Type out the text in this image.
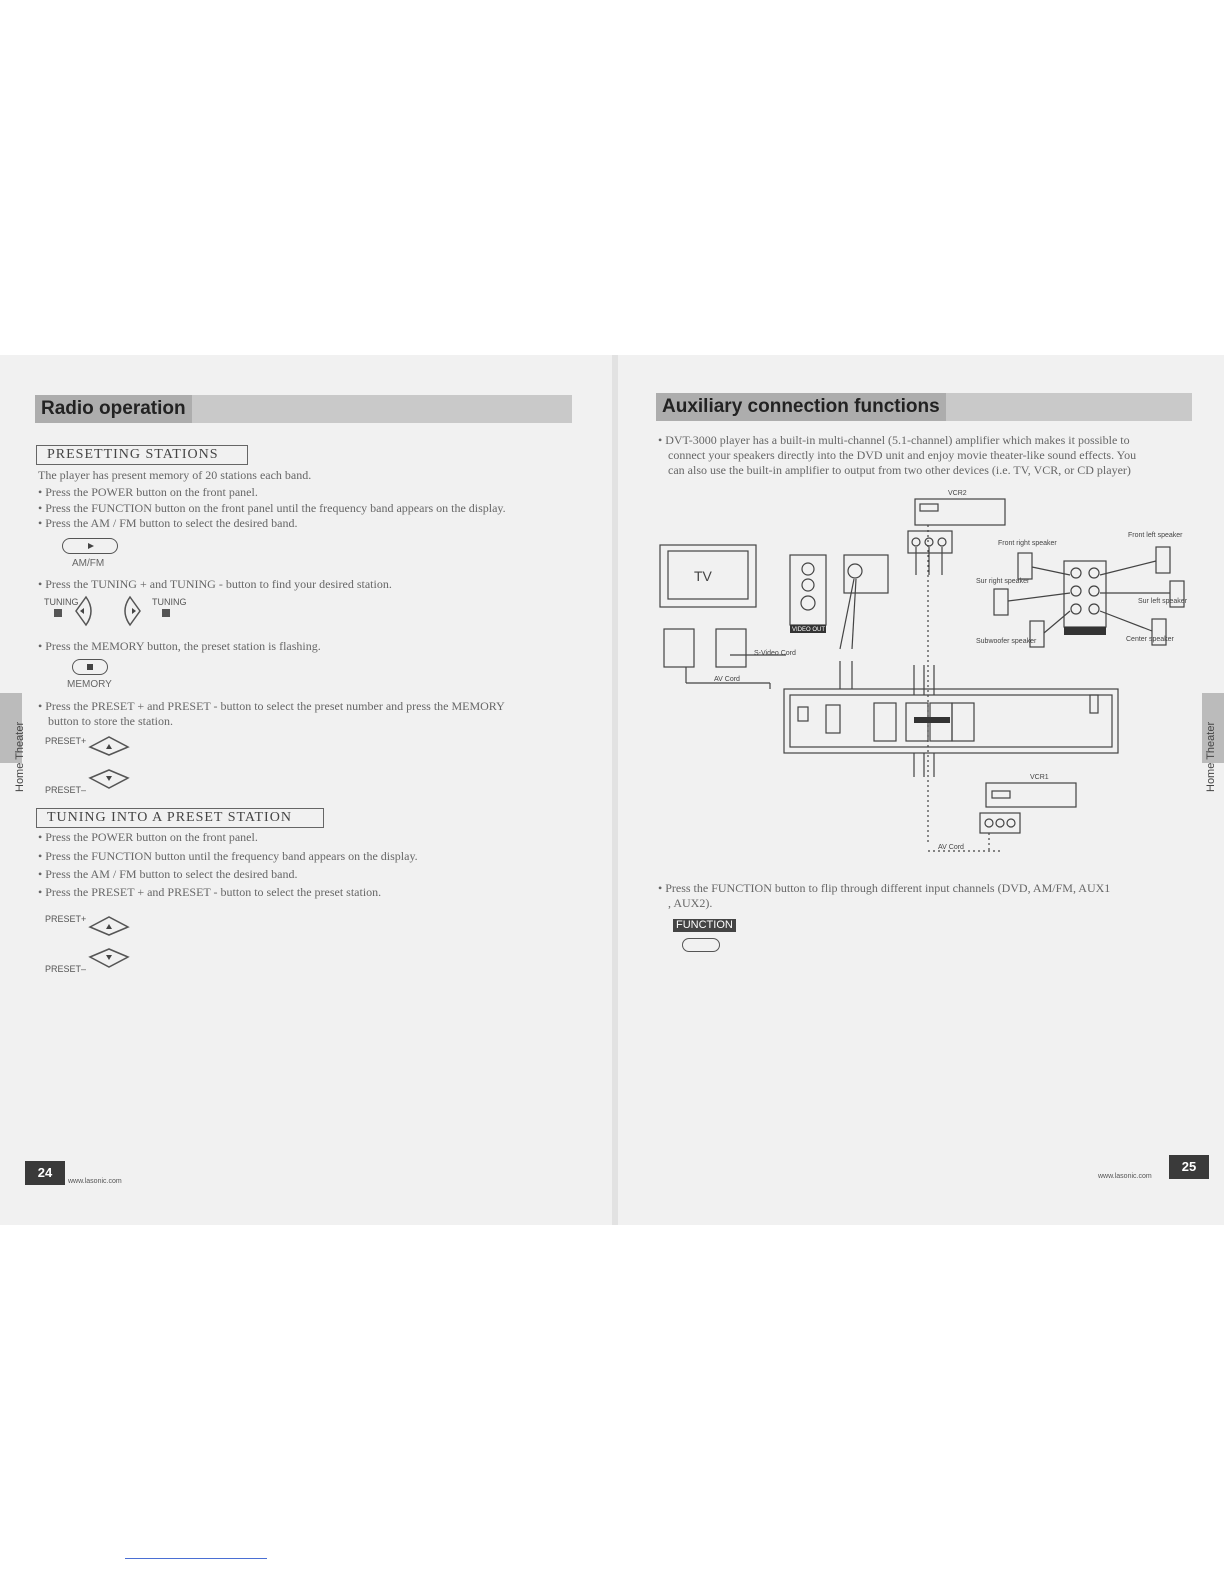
Radio operation
PRESETTING STATIONS
The player has present memory of 20 stations each band.
• Press the POWER button on the front panel.
• Press the FUNCTION button on the front panel until the frequency band appears on the display.
• Press the AM / FM button to select the desired band.
AM/FM
• Press the TUNING + and TUNING - button to find your desired station.
TUNING	TUNING
• Press the MEMORY button, the preset station is flashing.
MEMORY
• Press the PRESET + and PRESET - button to select the preset number and press the MEMORY
button to store the station.
PRESET+
PRESET–
TUNING INTO A PRESET STATION
• Press the POWER button on the front panel.
• Press the FUNCTION button until the frequency band appears on the display.
• Press the AM / FM button to select the desired band.
• Press the PRESET + and PRESET - button to select the preset station.
PRESET+
PRESET–
Home Theater
24
www.lasonic.com
Auxiliary connection functions
• DVT-3000 player has a built-in multi-channel (5.1-channel) amplifier which makes it possible to
connect your speakers directly into the DVD unit and enjoy movie theater-like sound effects. You
can also use the built-in amplifier to output from two other devices (i.e. TV, VCR, or CD player)
VCR2
VCR1
TV
Front right speaker
Front left speaker
Sur right speaker
Sur left speaker
Subwoofer speaker	Center speaker
S-Video Cord
AV Cord
AV Cord
VIDEO OUT
• Press the FUNCTION button to flip through different input channels (DVD, AM/FM, AUX1
, AUX2).
FUNCTION
Home Theater
25
www.lasonic.com
